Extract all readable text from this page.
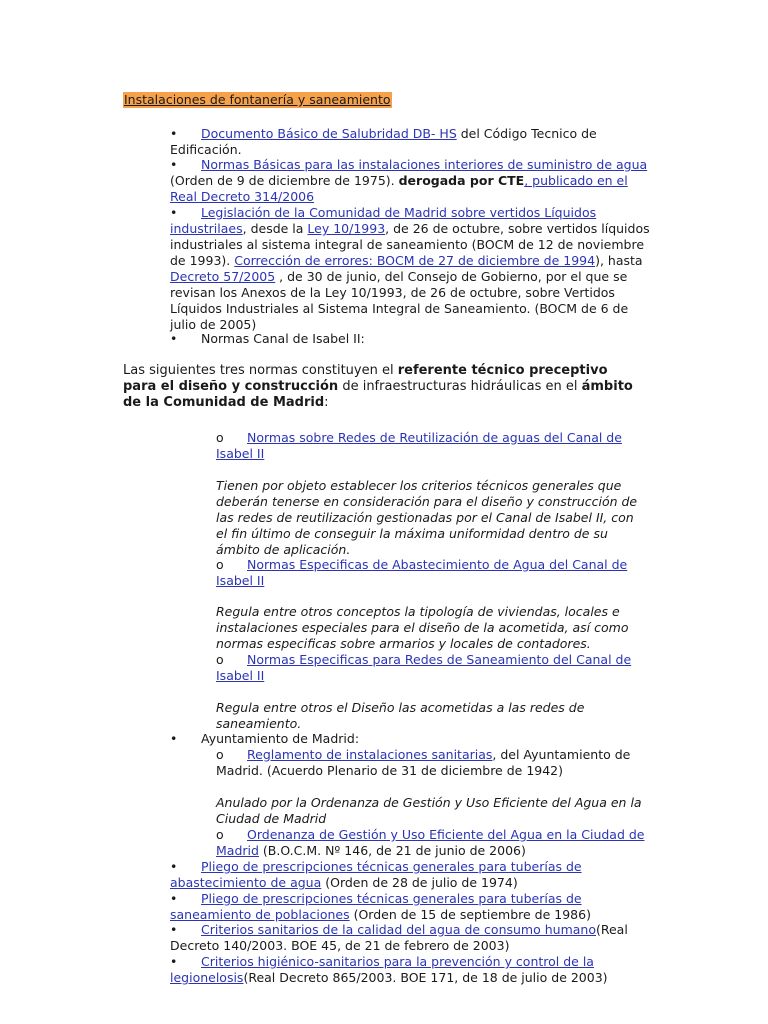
Instalaciones de fontanería y saneamiento
• Documento Básico de Salubridad DB- HS del Código Tecnico de Edificación.
• Normas Básicas para las instalaciones interiores de suministro de agua (Orden de 9 de diciembre de 1975). derogada por CTE, publicado en el Real Decreto 314/2006
• Legislación de la Comunidad de Madrid sobre vertidos Líquidos industrilaes, desde la Ley 10/1993, de 26 de octubre, sobre vertidos líquidos industriales al sistema integral de saneamiento (BOCM de 12 de noviembre de 1993). Corrección de errores: BOCM de 27 de diciembre de 1994), hasta Decreto 57/2005 , de 30 de junio, del Consejo de Gobierno, por el que se revisan los Anexos de la Ley 10/1993, de 26 de octubre, sobre Vertidos Líquidos Industriales al Sistema Integral de Saneamiento. (BOCM de 6 de julio de 2005)
• Normas Canal de Isabel II:
Las siguientes tres normas constituyen el referente técnico preceptivo para el diseño y construcción de infraestructuras hidráulicas en el ámbito de la Comunidad de Madrid:
o Normas sobre Redes de Reutilización de aguas del Canal de Isabel II
Tienen por objeto establecer los criterios técnicos generales que deberán tenerse en consideración para el diseño y construcción de las redes de reutilización gestionadas por el Canal de Isabel II, con el fin último de conseguir la máxima uniformidad dentro de su ámbito de aplicación.
o Normas Especificas de Abastecimiento de Agua del Canal de Isabel II
Regula entre otros conceptos la tipología de viviendas, locales e instalaciones especiales para el diseño de la acometida, así como normas especificas sobre armarios y locales de contadores.
o Normas Especificas para Redes de Saneamiento del Canal de Isabel II
Regula entre otros el Diseño las acometidas a las redes de saneamiento.
• Ayuntamiento de Madrid:
o Reglamento de instalaciones sanitarias, del Ayuntamiento de Madrid. (Acuerdo Plenario de 31 de diciembre de 1942)
Anulado por la Ordenanza de Gestión y Uso Eficiente del Agua en la Ciudad de Madrid
o Ordenanza de Gestión y Uso Eficiente del Agua en la Ciudad de Madrid (B.O.C.M. Nº 146, de 21 de junio de 2006)
• Pliego de prescripciones técnicas generales para tuberías de abastecimiento de agua (Orden de 28 de julio de 1974)
• Pliego de prescripciones técnicas generales para tuberías de saneamiento de poblaciones (Orden de 15 de septiembre de 1986)
• Criterios sanitarios de la calidad del agua de consumo humano(Real Decreto 140/2003. BOE 45, de 21 de febrero de 2003)
• Criterios higiénico-sanitarios para la prevención y control de la legionelosis(Real Decreto 865/2003. BOE 171, de 18 de julio de 2003)
